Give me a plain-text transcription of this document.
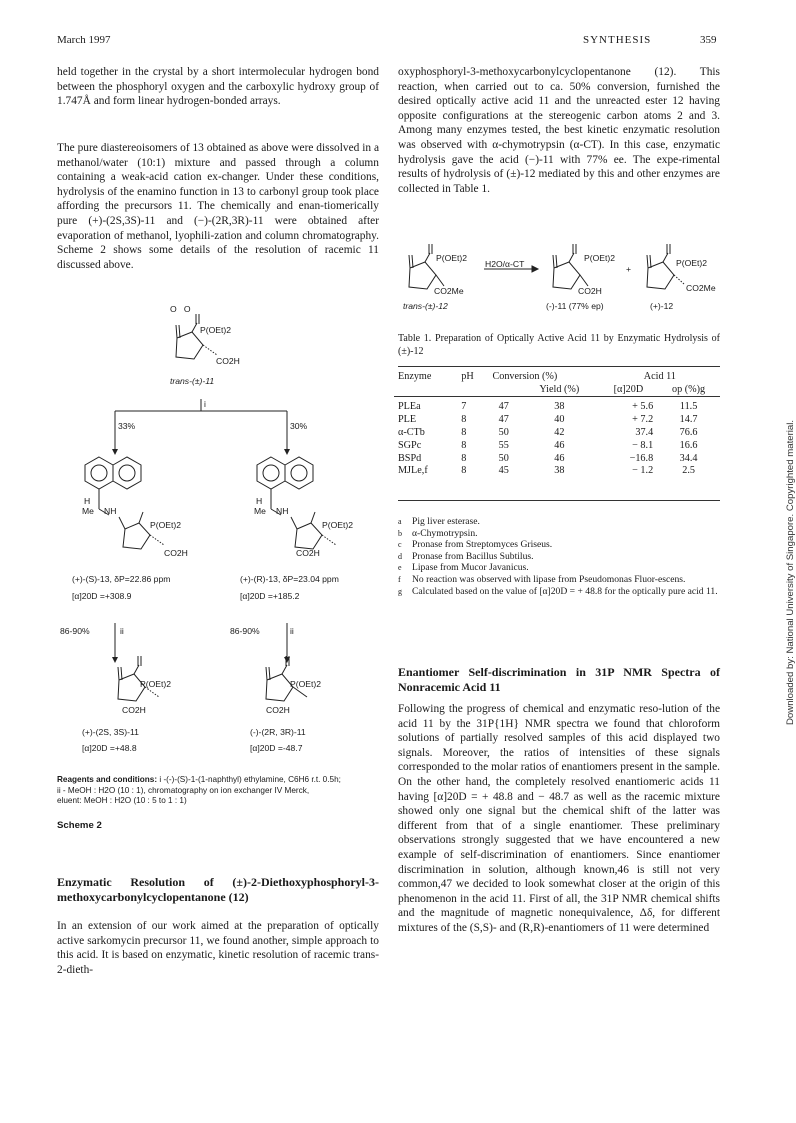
March 1997	SYNTHESIS	359
Downloaded by: National University of Singapore. Copyrighted material.

held together in the crystal by a short intermolecular hydrogen bond between the phosphoryl oxygen and the carboxylic hydroxy group of 1.747Å and form linear hydrogen-bonded arrays.

The pure diastereoisomers of 13 obtained as above were dissolved in a methanol/water (10:1) mixture and passed through a column containing a weak-acid cation ex-changer. Under these conditions, hydrolysis of the enamino function in 13 to carbonyl group took place affording the precursors 11. The chemically and enan-tiomerically pure (+)-(2S,3S)-11 and (−)-(2R,3R)-11 were obtained after evaporation of methanol, lyophili-zation and column chromatography. Scheme 2 shows some details of the resolution of racemic 11 discussed above.

O   O
P(OEt)2
CO2H
trans-(±)-11
i
33%	30%
H
Me NH
P(OEt)2
CO2H
(+)-(S)-13, δP=22.86 ppm
[α]20D =+308.9
H
Me NH
P(OEt)2
CO2H
(+)-(R)-13, δP=23.04 ppm
[α]20D =+185.2
86-90%	ii	86-90%	ii
P(OEt)2
CO2H
(+)-(2S, 3S)-11
[α]20D =+48.8
P(OEt)2
CO2H
(-)-(2R, 3R)-11
[α]20D =-48.7
Reagents and conditions: i -(-)-(S)-1-(1-naphthyl) ethylamine, C6H6 r.t. 0.5h;
ii - MeOH : H2O (10 : 1), chromatography on ion exchanger IV Merck,
eluent: MeOH : H2O (10 : 5 to 1 : 1)
Scheme 2

Enzymatic Resolution of (±)-2-Diethoxyphosphoryl-3-methoxycarbonylcyclopentanone (12)

In an extension of our work aimed at the preparation of optically active sarkomycin precursor 11, we found another, simple approach to this acid. It is based on enzymatic, kinetic resolution of racemic trans-2-dieth-

oxyphosphoryl-3-methoxycarbonylcyclopentanone (12). This reaction, when carried out to ca. 50% conversion, furnished the desired optically active acid 11 and the unreacted ester 12 having opposite configurations at the stereogenic carbon atoms 2 and 3. Among many enzymes tested, the best kinetic enzymatic resolution was observed with α-chymotrypsin (α-CT). In this case, enzymatic hydrolysis gave the acid (−)-11 with 77% ee. The expe-rimental results of hydrolysis of (±)-12 mediated by this and other enzymes are collected in Table 1.

P(OEt)2
CO2Me
H2O/α-CT
P(OEt)2
CO2H
+
P(OEt)2
CO2Me
trans-(±)-12	(-)-11 (77% ep)	(+)-12

Table 1. Preparation of Optically Active Acid 11 by Enzymatic Hydrolysis of (±)-12

Enzyme	pH	Conversion (%)		Acid 11	
			Yield (%)	[α]20D	op (%)g

PLEa	7	47	38	+ 5.6	11.5
PLE	8	47	40	+ 7.2	14.7
α-CTb	8	50	42	37.4	76.6
SGPc	8	55	46	− 8.1	16.6
BSPd	8	50	46	−16.8	34.4
MJLe,f	8	45	38	− 1.2	2.5
a Pig liver esterase.
b α-Chymotrypsin.
c Pronase from Streptomyces Griseus.
d Pronase from Bacillus Subtilus.
e Lipase from Mucor Javanicus.
f No reaction was observed with lipase from Pseudomonas Fluor-escens.
g Calculated based on the value of [α]20D = + 48.8 for the optically pure acid 11.

Enantiomer Self-discrimination in 31P NMR Spectra of Nonracemic Acid 11

Following the progress of chemical and enzymatic reso-lution of the acid 11 by the 31P{1H} NMR spectra we found that chloroform solutions of partially resolved samples of this acid displayed two signals. Moreover, the ratios of intensities of these signals corresponded to the molar ratios of enantiomers present in the sample. On the other hand, the completely resolved enantiomeric acids 11 having [α]20D = + 48.8 and − 48.7 as well as the racemic mixture showed only one signal but the chemical shift of the latter was different from that of a single enantiomer. These preliminary observations strongly suggested that we have encountered a new example of self-discrimination of enantiomers. Since enantiomer discrimination in solution, although known,46 is still not very common,47 we decided to look somewhat closer at the origin of this phenomenon in the acid 11. First of all, the 31P NMR chemical shifts and the magnitude of magnetic nonequivalence, Δδ, for different mixtures of the (S,S)- and (R,R)-enantiomers of 11 were determined
